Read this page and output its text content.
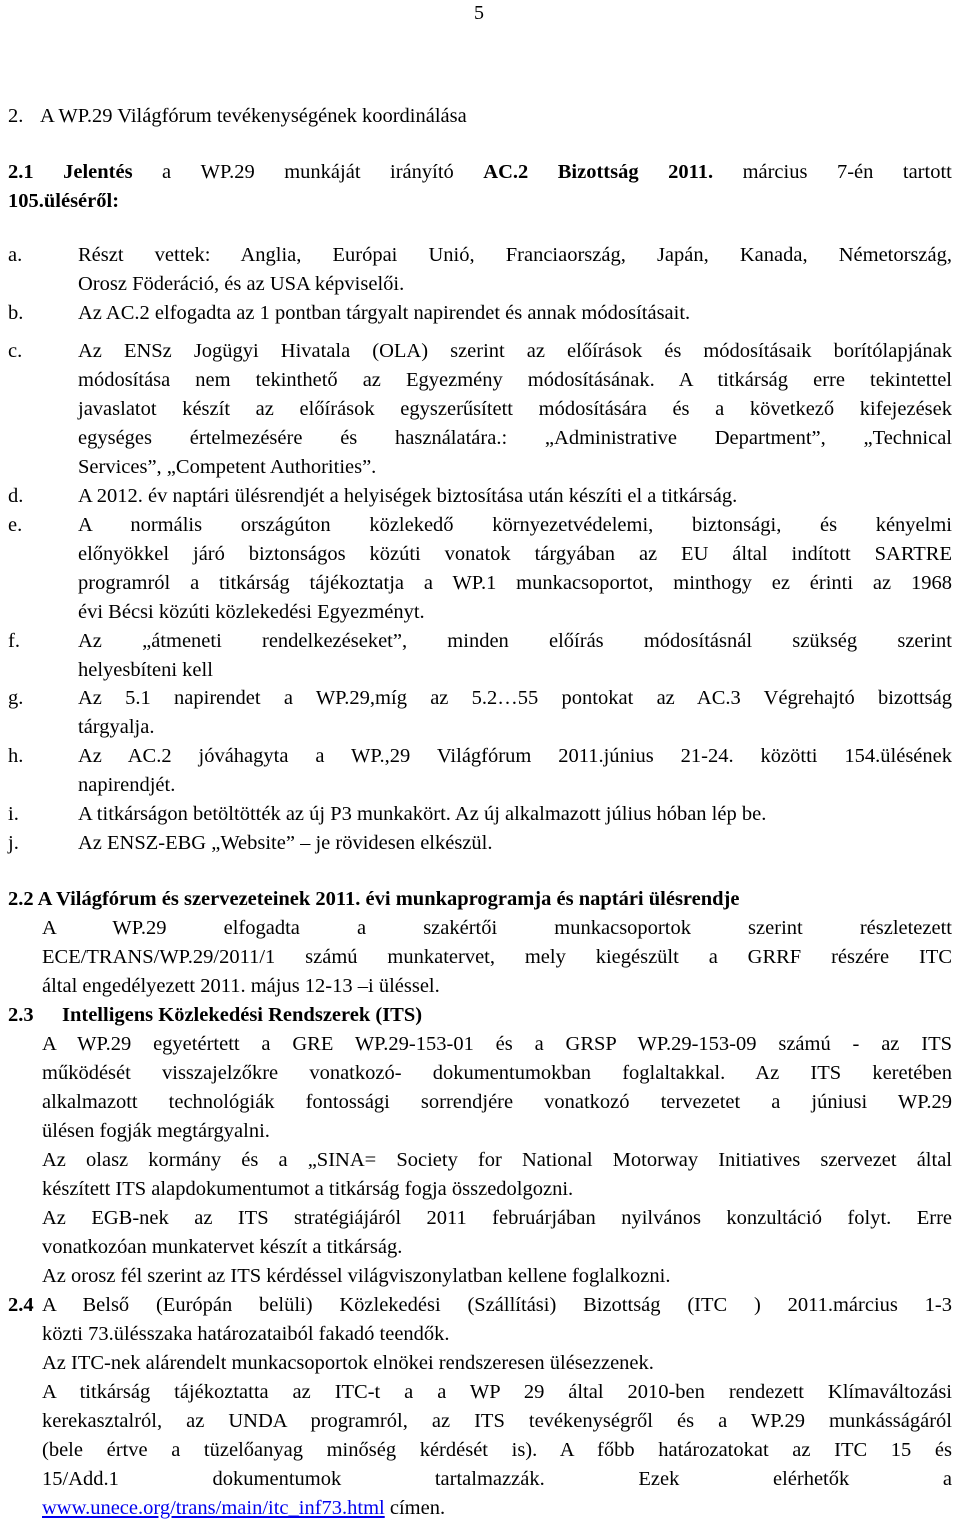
5
2. A WP.29 Világfórum tevékenységének koordinálása
2.1 Jelentés a WP.29 munkáját irányító AC.2 Bizottság 2011. március 7-én tartott
105.üléséről:
a.	Részt vettek: Anglia, Európai Unió, Franciaország, Japán, Kanada, Németország,
Orosz Föderáció, és az USA képviselői.
b.	Az AC.2 elfogadta az 1 pontban tárgyalt napirendet és annak módosításait.
c.	Az ENSz Jogügyi Hivatala (OLA) szerint az előírások és módosításaik borítólapjának
módosítása nem tekinthető az Egyezmény módosításának. A titkárság erre tekintettel
javaslatot készít az előírások egyszerűsített módosítására és a következő kifejezések
egységes értelmezésére és használatára.: „Administrative Department”, „Technical
Services”, „Competent Authorities”.
d.	A 2012. év naptári ülésrendjét a helyiségek biztosítása után készíti el a titkárság.
e.	A normális országúton közlekedő környezetvédelemi, biztonsági, és kényelmi
előnyökkel járó biztonságos közúti vonatok tárgyában az EU által indított SARTRE
programról a titkárság tájékoztatja a WP.1 munkacsoportot, minthogy ez érinti az 1968
évi Bécsi közúti közlekedési Egyezményt.
f.	Az „átmeneti rendelkezéseket”, minden előírás módosításnál szükség szerint
helyesbíteni kell
g.	Az 5.1 napirendet a WP.29,míg az 5.2…55 pontokat az AC.3 Végrehajtó bizottság
tárgyalja.
h.	Az AC.2 jóváhagyta a WP.,29 Világfórum 2011.június 21-24. közötti 154.ülésének
napirendjét.
i.	A titkárságon betöltötték az új P3 munkakört. Az új alkalmazott július hóban lép be.
j.	Az ENSZ-EBG „Website” – je rövidesen elkészül.
2.2 A Világfórum és szervezeteinek 2011. évi munkaprogramja és naptári ülésrendje
A WP.29 elfogadta a szakértői munkacsoportok szerint részletezett
ECE/TRANS/WP.29/2011/1 számú munkatervet, mely kiegészült a GRRF részére ITC
által engedélyezett 2011. május 12-13 –i üléssel.
2.3 Intelligens Közlekedési Rendszerek (ITS)
A WP.29 egyetértett a GRE WP.29-153-01 és a GRSP WP.29-153-09 számú - az ITS
működését visszajelzőkre vonatkozó- dokumentumokban foglaltakkal. Az ITS keretében
alkalmazott technológiák fontossági sorrendjére vonatkozó tervezetet a júniusi WP.29
ülésen fogják megtárgyalni.
Az olasz kormány és a „SINA= Society for National Motorway Initiatives szervezet által
készített ITS alapdokumentumot a titkárság fogja összedolgozni.
Az EGB-nek az ITS stratégiájáról 2011 februárjában nyilvános konzultáció folyt. Erre
vonatkozóan munkatervet készít a titkárság.
Az orosz fél szerint az ITS kérdéssel világviszonylatban kellene foglalkozni.
2.4 A Belső (Európán belüli) Közlekedési (Szállítási) Bizottság (ITC ) 2011.március 1-3
közti 73.ülésszaka határozataiból fakadó teendők.
Az ITC-nek alárendelt munkacsoportok elnökei rendszeresen ülésezzenek.
A titkárság tájékoztatta az ITC-t a a WP 29 által 2010-ben rendezett Klímaváltozási
kerekasztalról, az UNDA programról, az ITS tevékenységről és a WP.29 munkásságáról
(bele értve a tüzelőanyag minőség kérdését is). A főbb határozatokat az ITC 15 és
15/Add.1 dokumentumok tartalmazzák. Ezek elérhetők a
www.unece.org/trans/main/itc_inf73.html címen.
